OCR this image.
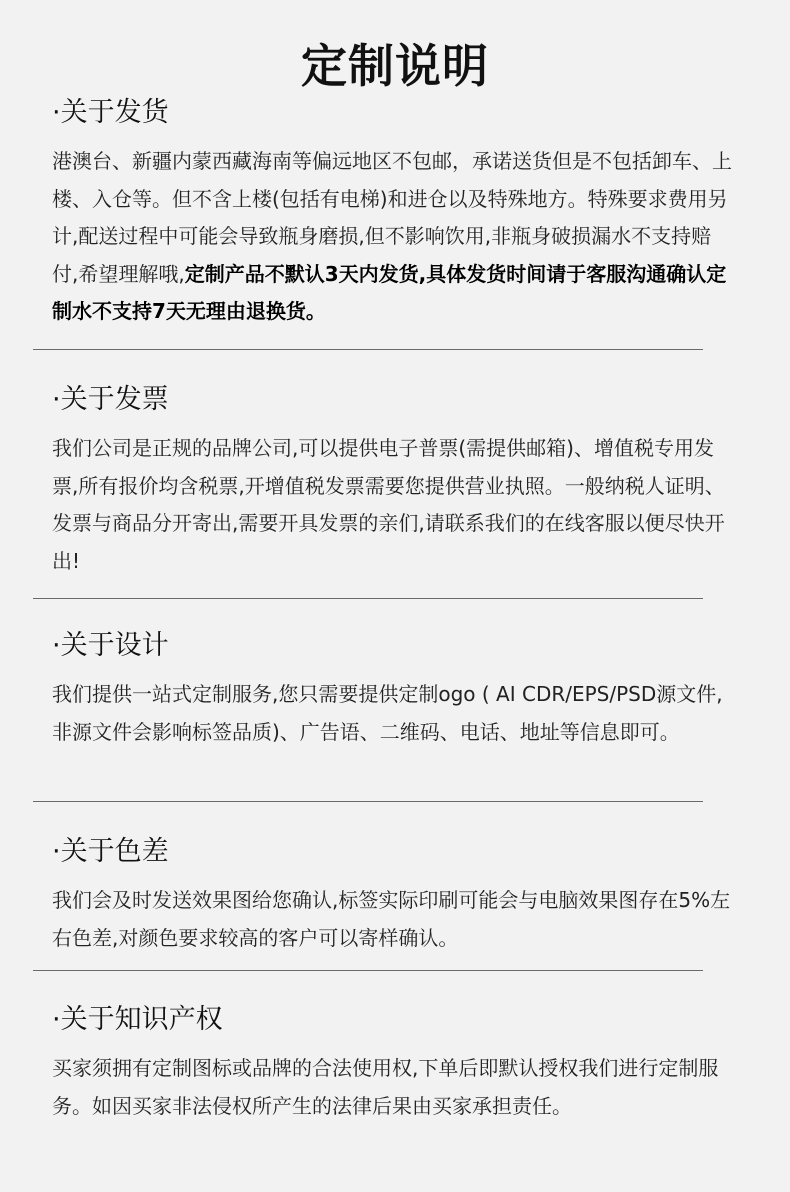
定制说明
·关于发货

港澳台、新疆内蒙西藏海南等偏远地区不包邮，承诺送货但是不包括卸车、上楼、入仓等。但不含上楼(包括有电梯)和进仓以及特殊地方。特殊要求费用另计,配送过程中可能会导致瓶身磨损,但不影响饮用,非瓶身破损漏水不支持赔付,希望理解哦,定制产品不默认3天内发货,具体发货时间请于客服沟通确认定制水不支持7天无理由退换货。

·关于发票

我们公司是正规的品牌公司,可以提供电子普票(需提供邮箱)、增值税专用发票,所有报价均含税票,开增值税发票需要您提供营业执照。一般纳税人证明、发票与商品分开寄出,需要开具发票的亲们,请联系我们的在线客服以便尽快开出!

·关于设计

我们提供一站式定制服务,您只需要提供定制ogo ( AI CDR/EPS/PSD源文件,非源文件会影响标签品质)、广告语、二维码、电话、地址等信息即可。

·关于色差

我们会及时发送效果图给您确认,标签实际印刷可能会与电脑效果图存在5%左右色差,对颜色要求较高的客户可以寄样确认。

·关于知识产权

买家须拥有定制图标或品牌的合法使用权,下单后即默认授权我们进行定制服务。如因买家非法侵权所产生的法律后果由买家承担责任。
